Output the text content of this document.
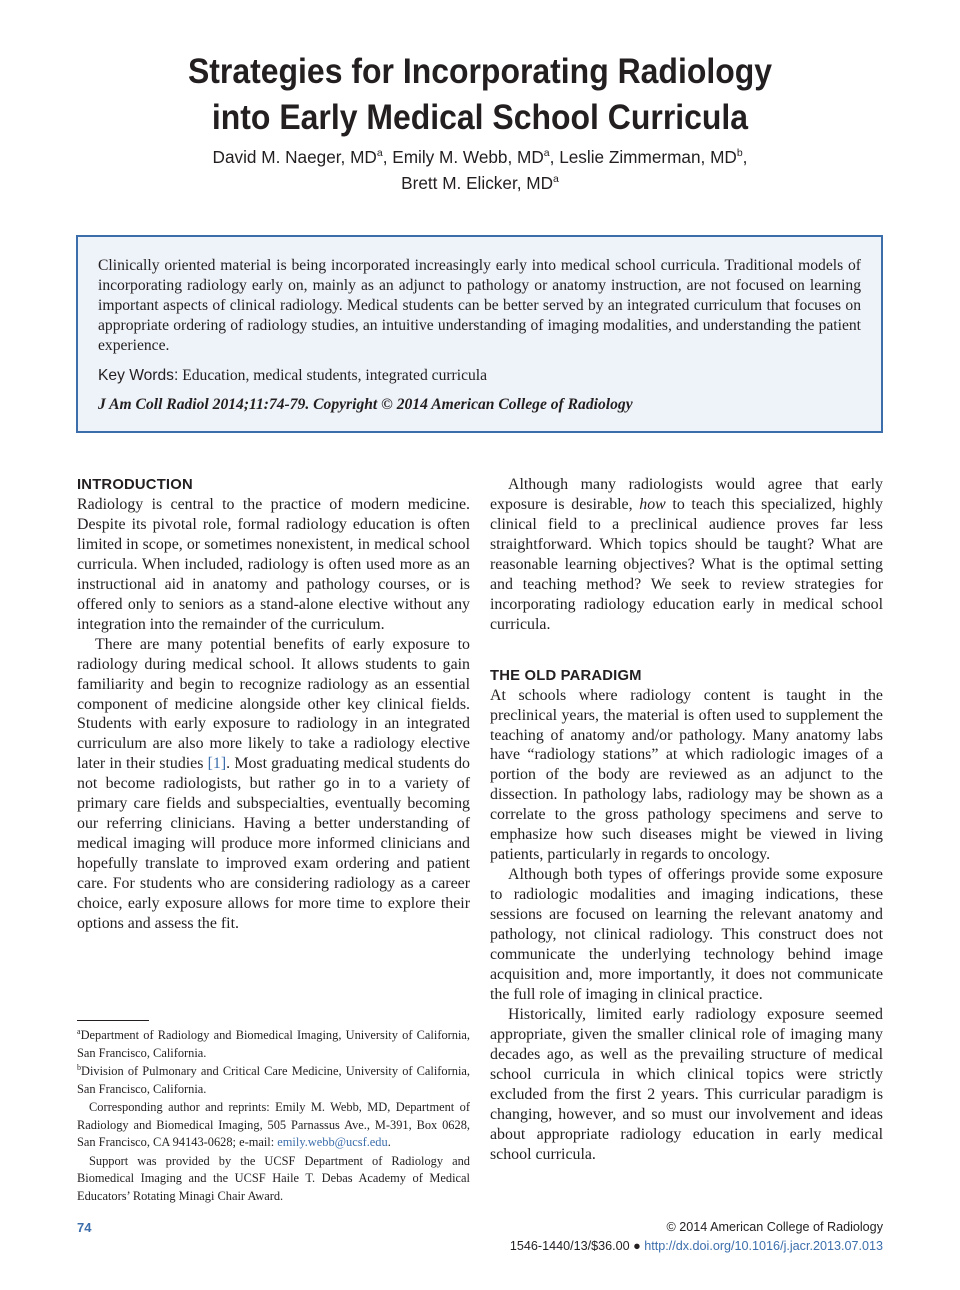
Strategies for Incorporating Radiology
into Early Medical School Curricula
David M. Naeger, $MD^a$, Emily M. Webb, $MD^a$, Leslie Zimmerman, $MD^b$,
Brett M. Elicker, $MD^a$

Clinically oriented material is being incorporated increasingly early into medical school curricula. Traditional models of incorporating radiology early on, mainly as an adjunct to pathology or anatomy instruction, are not focused on learning important aspects of clinical radiology. Medical students can be better served by an integrated curriculum that focuses on appropriate ordering of radiology studies, an intuitive understanding of imaging modalities, and understanding the patient experience.

Key Words: Education, medical students, integrated curricula
J Am Coll Radiol 2014;11:74-79. Copyright © 2014 American College of Radiology
INTRODUCTION

Radiology is central to the practice of modern medicine. Despite its pivotal role, formal radiology education is often limited in scope, or sometimes nonexistent, in medical school curricula. When included, radiology is often used more as an instructional aid in anatomy and pathology courses, or is offered only to seniors as a stand-alone elective without any integration into the remainder of the curriculum.

There are many potential benefits of early exposure to radiology during medical school. It allows students to gain familiarity and begin to recognize radiology as an essential component of medicine alongside other key clinical fields. Students with early exposure to radiology in an integrated curriculum are also more likely to take a radiology elective later in their studies [1]. Most graduating medical students do not become radiologists, but rather go in to a variety of primary care fields and subspecialties, eventually becoming our referring clinicians. Having a better understanding of medical imaging will produce more informed clinicians and hopefully translate to improved exam ordering and patient care. For students who are considering radiology as a career choice, early exposure allows for more time to explore their options and assess the fit.

Although many radiologists would agree that early exposure is desirable, how to teach this specialized, highly clinical field to a preclinical audience proves far less straightforward. Which topics should be taught? What are reasonable learning objectives? What is the optimal setting and teaching method? We seek to review strategies for incorporating radiology education early in medical school curricula.

THE OLD PARADIGM

At schools where radiology content is taught in the preclinical years, the material is often used to supplement the teaching of anatomy and/or pathology. Many anatomy labs have “radiology stations” at which radiologic images of a portion of the body are reviewed as an adjunct to the dissection. In pathology labs, radiology may be shown as a correlate to the gross pathology specimens and serve to emphasize how such diseases might be viewed in living patients, particularly in regards to oncology.

Although both types of offerings provide some exposure to radiologic modalities and imaging indications, these sessions are focused on learning the relevant anatomy and pathology, not clinical radiology. This construct does not communicate the underlying technology behind image acquisition and, more importantly, it does not communicate the full role of imaging in clinical practice.

Historically, limited early radiology exposure seemed appropriate, given the smaller clinical role of imaging many decades ago, as well as the prevailing structure of medical school curricula in which clinical topics were strictly excluded from the first 2 years. This curricular paradigm is changing, however, and so must our involvement and ideas about appropriate radiology education in early medical school curricula.

$^a$Department of Radiology and Biomedical Imaging, University of California, San Francisco, California.

$^b$Division of Pulmonary and Critical Care Medicine, University of California, San Francisco, California.

Corresponding author and reprints: Emily M. Webb, MD, Department of Radiology and Biomedical Imaging, 505 Parnassus Ave., M-391, Box 0628, San Francisco, CA 94143-0628; e-mail: emily.webb@ucsf.edu.

Support was provided by the UCSF Department of Radiology and Biomedical Imaging and the UCSF Haile T. Debas Academy of Medical Educators’ Rotating Minagi Chair Award.

74	© 2014 American College of Radiology
1546-1440/13/$36.00 ● http://dx.doi.org/10.1016/j.jacr.2013.07.013
